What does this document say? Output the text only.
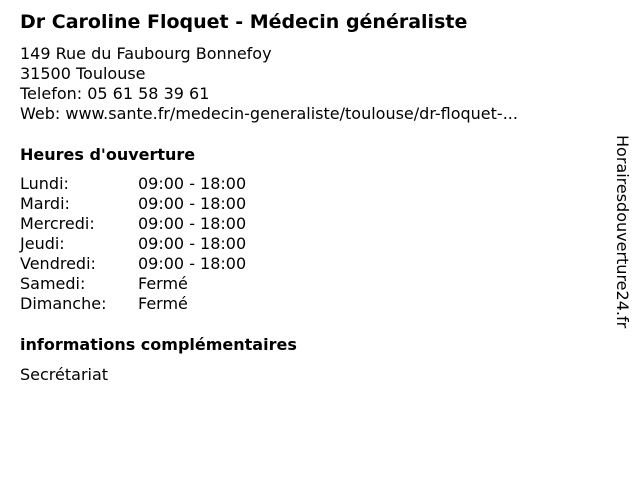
Dr Caroline Floquet - Médecin généraliste
149 Rue du Faubourg Bonnefoy
31500 Toulouse
Telefon: 05 61 58 39 61
Web: www.sante.fr/medecin-generaliste/toulouse/dr-floquet-...
Heures d'ouverture
Lundi:	09:00 - 18:00
Mardi:	09:00 - 18:00
Mercredi:	09:00 - 18:00
Jeudi:	09:00 - 18:00
Vendredi:	09:00 - 18:00
Samedi:	Fermé
Dimanche:	Fermé
informations complémentaires
Secrétariat
Horairesdouverture24.fr
